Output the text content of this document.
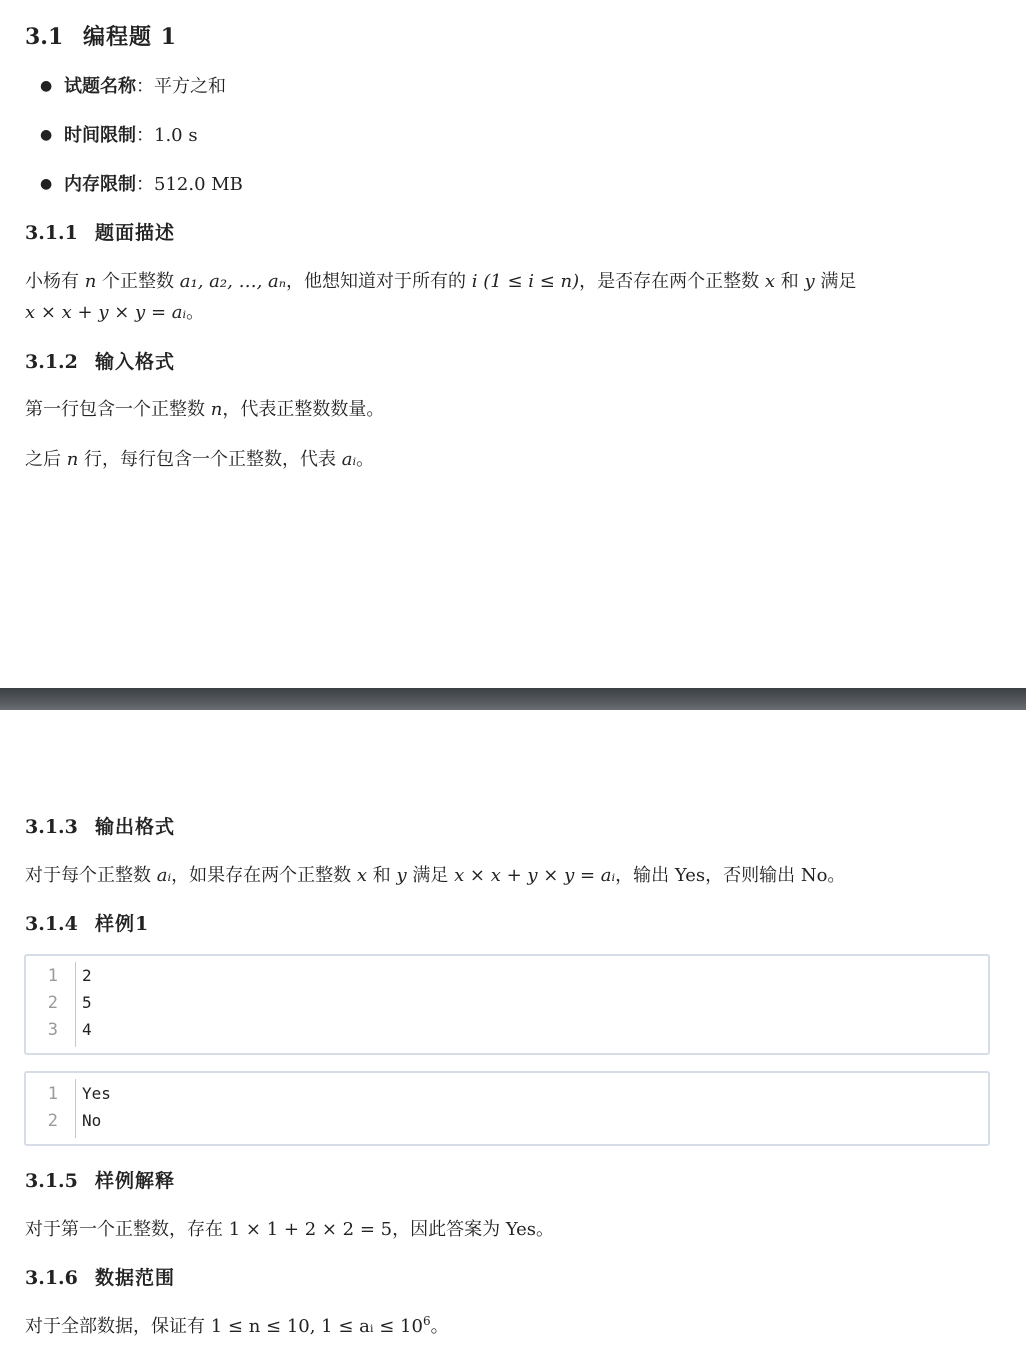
3.1 编程题 1
● 试题名称：平方之和
● 时间限制：1.0 s
● 内存限制：512.0 MB
3.1.1 题面描述
小杨有 n 个正整数 a₁, a₂, …, aₙ，他想知道对于所有的 i (1 ≤ i ≤ n)，是否存在两个正整数 x 和 y 满足
x × x + y × y = aᵢ。
3.1.2 输入格式
第一行包含一个正整数 n，代表正整数数量。
之后 n 行，每行包含一个正整数，代表 aᵢ。
3.1.3 输出格式
对于每个正整数 aᵢ，如果存在两个正整数 x 和 y 满足 x × x + y × y = aᵢ，输出 Yes，否则输出 No。
3.1.4 样例1
1 2
2 5
3 4
1 Yes
2 No
3.1.5 样例解释
对于第一个正整数，存在 1 × 1 + 2 × 2 = 5，因此答案为 Yes。
3.1.6 数据范围
对于全部数据，保证有 1 ≤ n ≤ 10, 1 ≤ aᵢ ≤ $10^6$。
